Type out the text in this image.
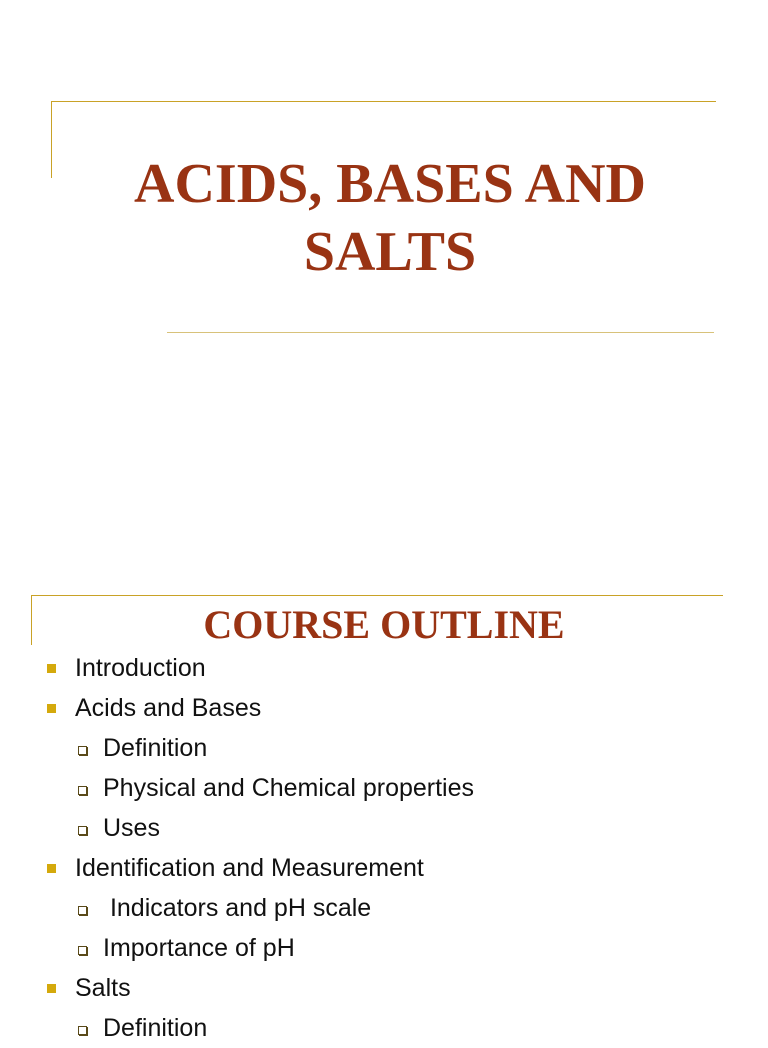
ACIDS, BASES AND
SALTS
COURSE OUTLINE
Introduction
Acids and Bases
Definition
Physical and Chemical properties
Uses
Identification and Measurement
Indicators and pH scale
Importance of pH
Salts
Definition
